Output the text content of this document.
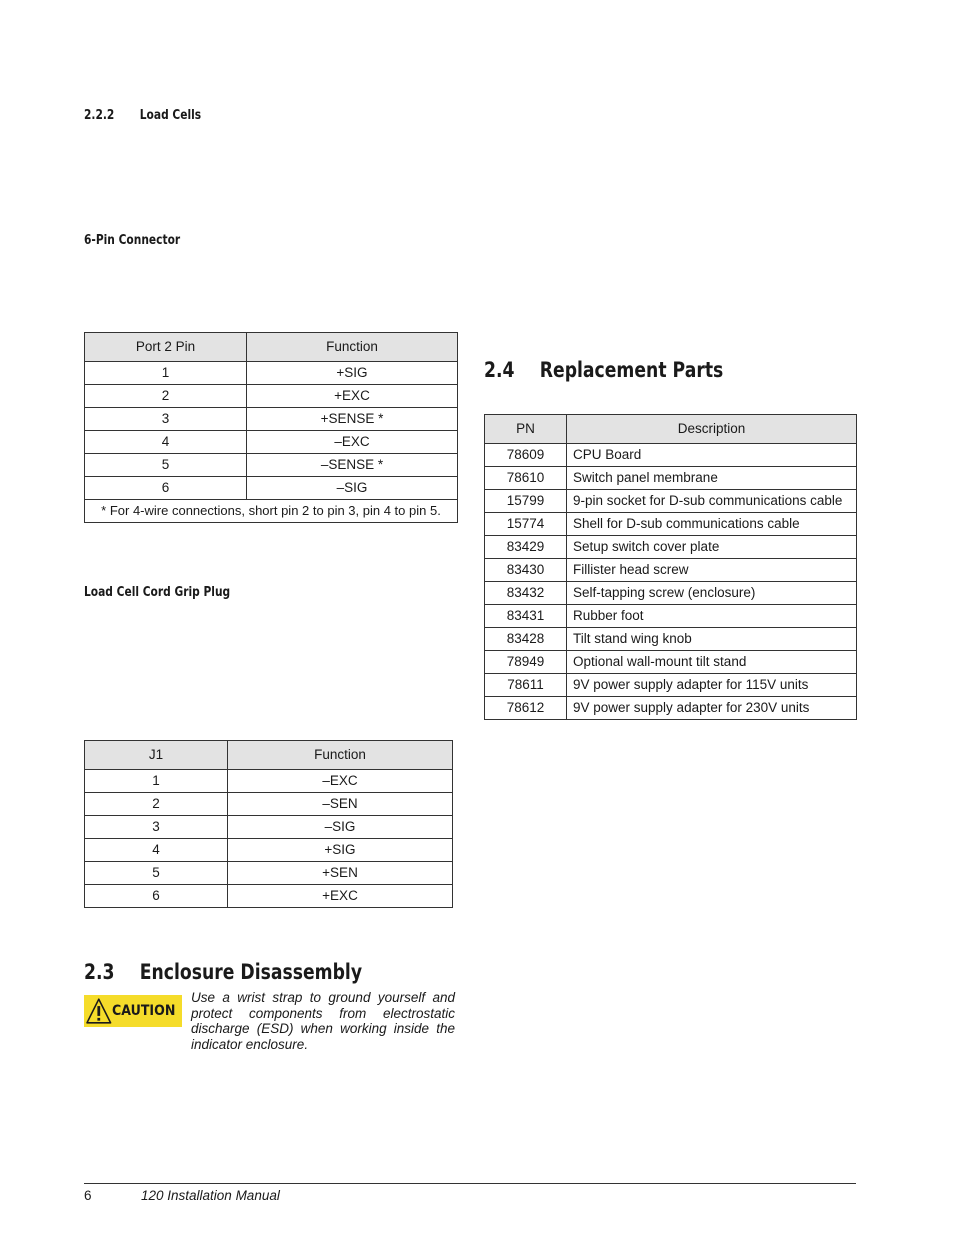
2.2.2 Load Cells
6-Pin Connector
Port 2 Pin	Function
1	+SIG
2	+EXC
3	+SENSE *
4	–EXC
5	–SENSE *
6	–SIG
* For 4-wire connections, short pin 2 to pin 3, pin 4 to pin 5.	
Load Cell Cord Grip Plug
J1	Function
1	–EXC
2	–SEN
3	–SIG
4	+SIG
5	+SEN
6	+EXC
2.3 Enclosure Disassembly
CAUTION
Use a wrist strap to ground yourself and protect components from electrostatic discharge (ESD) when working inside the indicator enclosure.
2.4 Replacement Parts
PN	Description
78609	CPU Board
78610	Switch panel membrane
15799	9-pin socket for D-sub communications cable
15774	Shell for D-sub communications cable
83429	Setup switch cover plate
83430	Fillister head screw
83432	Self-tapping screw (enclosure)
83431	Rubber foot
83428	Tilt stand wing knob
78949	Optional wall-mount tilt stand
78611	9V power supply adapter for 115V units
78612	9V power supply adapter for 230V units
6	120 Installation Manual
